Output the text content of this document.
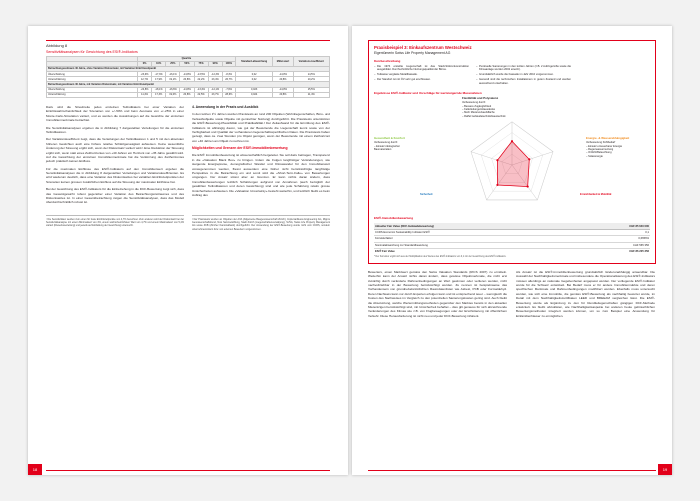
Abbildung 8
Sensitivitätsanalysen für Gewichtung des ESI®-Indikators
	Quartile							Standard-abweichung	Mittel-wert	Variations-koeffizient
	0%	10%	25%	50%	75%	90%	100%			
Betrachtungszeitraum 40 Jahre, ohne Variation Diskontsatz, mit Variation Eintrittszeitpunkt										
Überschätzung	-23,9%	-17,3%	-16,1%	-14,8%	-13,5%	-12,3%	-8,3%	0,02	-14,8%	14,5%
Unterschätzung	12,7%	17,9%	19,1%	20,8%	22,2%	23,4%	26,7%	0,02	20,8%	10,2%
Betrachtungszeitraum 40 Jahre, mit Variation Diskontsatz, mit Variation Eintrittszeitpunkt										
Überschätzung	-24,8%	-18,1%	-16,6%	-14,8%	-13,4%	-12,1%	-7,6%	0,023	-14,8%	15,5%
Unterschätzung	11,4%	17,3%	19,0%	20,8%	22,5%	23,7%	28,6%	0,024	20,8%	11,4%

Dazu wird die Streubreite jedes einzelnen Teilindikators bei einer Variation der Eintrittswahrscheinlichkeit der Szenarien von +/–50% und beim Ausmass von +/–25% in einer Monte-Carlo-Simulation variiert, und es werden die Auswirkungen auf die Gewichte der einzelnen Immobilienmerkmale betrachtet.

Die Sensitivitätsanalysen ergeben die in Abbildung 7 dargestellten Verteilungen für die einzelnen Teilindikatoren.

Der Variationskoeffizient zeigt, dass die Verteilungen der Teilindikatoren 1 und 5 mit den absoluten höheren Gewichten auch eine höhere relative Schätzgenauigkeit aufweisen. Keine wesentliche Änderung der Streuung ergibt sich, wenn der Diskontsatz variiert wird.¹ Eine Reduktion der Streuung ergibt sich, wenn statt eines Zeithorizontes von +40 Jahren ein Horizont von +35 Jahre gewählt wird. Auf die Gewichtung der einzelnen Immobilienmerkmale hat die Verkürzung des Zeithorizontes jedoch praktisch keinen Einfluss.

Für die maximalen Einflüsse des ESI®-Indikators auf den Immobilienwert ergeben die Sensitivitätsanalysen die in Abbildung 8 dargestellten Verteilungen und Variationskoeffizienten. Es wird wiederum deutlich, dass eine Variation des Diskontsatzes bei variablen Eintrittszeitpunkten der Szenarien keinen grossen zusätzlichen Einfluss auf die Streuung der maximalen Einflüsse hat.

Bei der Gewichtung des ESI®-Indikators für die Einbeziehung in die DCF-Bewertung zeigt sich, dass das Gesamtgewicht robust gegenüber einer Variation des Betrachtungszeitraumes und des Diskontsatzes ist. In einer Gesamtbetrachtung zeigen die Sensitivitätsanalysen, dass das Modell überdurchschnittlich robust ist.

4. Anwendung in der Praxis und Ausblick

In den letzten 1½ Jahren wurden Praxistests an rund 200 Objekten (Wohnliegenschaften, Büro- und Verkaufsobjekte sowie Objekte mit gemischter Nutzung) durchgeführt. Die Praxistests unterstützen die ESI®-Bewertung-Plausibilität und Praktikabilität.² Der Zeitaufwand für die Ermittlung des ESI®-Indikators ist abhängig davon, wie gut der Bewertende die Liegenschaft kennt sowie von der Verfügbarkeit und Qualität der vorhandenen liegenschaftsspezifischen Daten. Die Praxistests haben gezeigt, dass ca. zwei Stunden pro Objekt genügen, wenn der Bewertende mit einem Zeithorizont von +40 Jahren am Objekt zu rechnen ist.

Möglichkeiten und Grenzen der ESI®-Immobilienbewertung

Die ESI® Immobilienbewertung ist wissenschaftlich hergeleitet. Sie soll dazu beitragen, Transparenz in die «Valuation Black Box» zu bringen. Indem die Folgen langfristiger Veränderungen, wie steigende Energiepreise, demografischer Wandel und Klimawandel für den Immobilienwert vorwegenommen werden, fliesst ausserdem eine bisher nicht berücksichtigte langfristige Perspektive in die Betrachtung ein und somit wird die «Short-Term-Falle» von Bewertungen umgangen. Der Ansatz stösst aber an Grenzen. Er kann nichts daran ändern, dass Immobilienbewertungen letztlich Schätzungen aufgrund von Annahmen (auch bezüglich der gewählten Teilindikatoren und deren Gewichtung) sind und wie jede Schätzung relativ grosse Unsicherheiten aufweisen. Die «Valuation Uncertainty» besteht weiterhin, und letztlich bleibt es beim Auftrag des

¹ Die Sensitivitäten werden zum einen für feste Eintrittszeitpunkte von 4,7% berechnet. Zum anderen wird der Diskontsatz bei der Sensitivitätsanalyse mit einem Minimalwert von 4%, einem wahrscheinlichsten Wert von 4,7% und einem Maximalwert von 5,4% variiert (Dreiecksverteilung) und jeweils auf Einhaltung der Gewichtung untersucht.
² Der Praxistests wurden an Objekten der AXA (Allgemeine Baugenossenschaft Zürich), Implenia/Reuss Engineering AG, Migros Genossenschaftsbund, Novi Sammelstiftung, Stadt Zürich (Liegenschaftenverwaltung), SUVA, Swiss Life Property Management AG sowie ZKB (Zürcher Kantonalbank) durchgeführt. Der Anwendung der ESI®-Bewertung wurde nicht vom CCRS, sondern unternehmensintern bzw. von externen Bewertern vorgenommen.
18
Praxisbeispiel 3: Einkaufszentrum Westschweiz
Eigentümerin Swiss Life Property Management AG
Kurzbeschreibung
– Die 1974 erstellte Liegenschaft ist das Stadt-Stützenkonstruktion ausgebildet. Durchschnittliche Nutzungsqualität der Büros.
– Teilweise verglaste Metallfassade.
– Der Standort ist mit ÖV sehr gut erschlossen.
– Punktuelle Sanierungen in den letzten Jahren (z.B. 2 Aufzüge/Lifte sowie die Klimaanlage wurden 2002 ersetzt).
– Grundsätzlich wurde die Fassade im Jahr 2010 vorgenommen.
– Generell sind die technischen Installationen in gutem Zustand und werden ausreichend unterhalten.
Ergebnisse ESI®-Indikator und Vorschläge für wertsteigernde Massnahmen
Flexibilität und Polyvalenz
Verbesserung durch:
– Bessere Zugänglichkeit
– Kellerleitungen/Hausdecke
– Mehr Mieterverkaufsfläche
– Raffel Gebäudetechnik/Haustechnik
Gesundheit & Komfort
Verbesserung durch:
– Einsatz ökologischer
Baumaterialien
Energie- & Wasserabhängigkeit
Verbesserung Kühlbedarf
– Einsatz erneuerbarer Energie
– Regenwassernutzung
– Ortlicht/Beleuchtung
– Solarenergie
Sicherheit	Erreichbarkeit & Mobilität
ESI®-Immobilienbewertung
Aktueller Fair Value (DCF-Gebäudebewertung)	CHF 85 640 000
CCRS Economic Sustainability Indicator ESI®	0,1
Korrekturfaktor	0,6656%
Nominalabweichung zur Standardbewertung	CHF 565 356
ESI® Fair Value	CHF 86 225 356
* Der Korrektur ergibt sich aus der Multiplikation des Wertes des ESI®-Indikators von 0,1 mit der Gewichtung des ESI®-Indikators.

Bewerters, einen Marktwert gemäss den Swiss Valuation Standards (RICS 2007) zu ermitteln. Weiterhin kann der Ansatz nichts daran ändern, dass gewisse Objektmerkmale, die nicht erst zukünftig durch veränderte Rahmenbedingungen an Wert gewinnen oder verlieren werden, nicht nachvollziehbar in der Bewertung berücksichtigt werden. Zu nennen ist beispielsweise das Vorhandensein von grundnebelsnitzdichten Raumdatenlisten wie Asbest, PCB oder Formaldehyd. Deren Nachweis kann nur durch Experten erfolgen kann und ist entsprechend teuer – wenngleich die Kosten des Nachweises im Vergleich zu den potenziellen Sanierungskosten gering sind. Auch bleibt die Absolutzung, welche Wertermittlungsmethoden gegenüber den Marktes bereits in den aktuellen Mietentzigen berücksichtigt sind, mit Unsicherheit behaftet – dies gilt genauso für sich abzeichnende Veränderungen des Klimas wie z.B. von Flugbewegungen oder der Erschütterung mit öffentlichem Verkehr. Diese Herausforderung ist nicht neu und jeder DCF-Bewertung inhärent.

Als Ansatz ist die ESI®-Immobilienbewertung grundsätzlich länderunabhängig anwendbar. Die Auswahl der Nachhaltigkeitsmerkmale und insbesondere die Operationalisierung des ESI®-Indikators müssen allerdings an nationale Gegebenheiten angepasst werden. Der vorliegende ESI®-Indikator wurde für die Schweiz entwickelt. Bei Bedarf muss er für andere Immobilienmärkte und deren spezifischen Merkmale und Rahmenbedingungen modifiziert werden. Ebenfalls muss untersucht werden, wie sich eine Immobilie, die gemäss ESI®-Bewertung als nachhaltig bewertet wurde, im Detail mit dem Nachhaltigkeitszertifikaten LEED und BREEAM vergleichen lässt. Die ESI®-Bewertung wurde als Ergänzung zu den für Renditeliegenschaften gängigen DCF-Methode entwickelt. Es bleibt abzuklären, wie Nachhaltigkeitsaspekte bei anderen heute gebräuchlichen Bewertungsmethoden integriert werden können, um so zum Beispiel eine Anwendung für Einfamilienhäuser zu ermöglichen.

19
